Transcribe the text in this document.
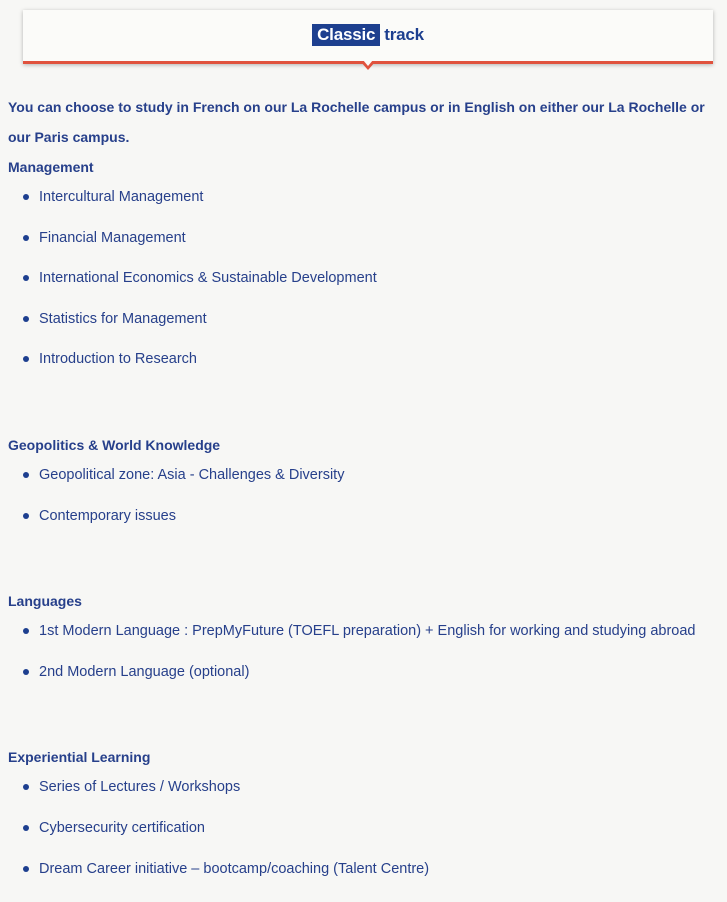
Classic track

You can choose to study in French on our La Rochelle campus or in English on either our La Rochelle or our Paris campus.

Management
Intercultural Management
Financial Management
International Economics & Sustainable Development
Statistics for Management
Introduction to Research
Geopolitics & World Knowledge
Geopolitical zone: Asia - Challenges & Diversity
Contemporary issues
Languages
1st Modern Language : PrepMyFuture (TOEFL preparation) + English for working and studying abroad
2nd Modern Language (optional)
Experiential Learning
Series of Lectures / Workshops
Cybersecurity certification
Dream Career initiative – bootcamp/coaching (Talent Centre)
